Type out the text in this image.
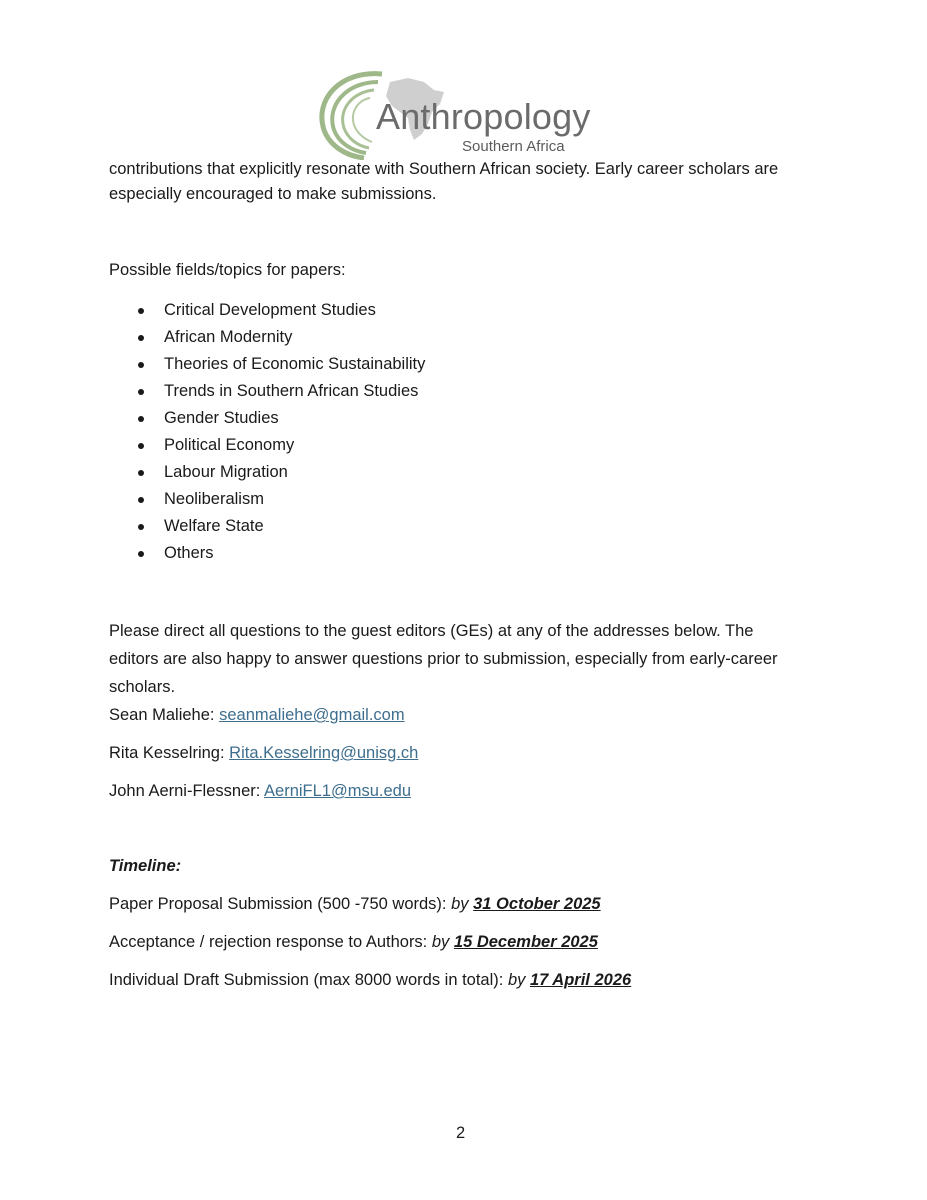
Anthropology
Southern Africa

contributions that explicitly resonate with Southern African society. Early career scholars are especially encouraged to make submissions.

Possible fields/topics for papers:

Critical Development Studies
African Modernity
Theories of Economic Sustainability
Trends in Southern African Studies
Gender Studies
Political Economy
Labour Migration
Neoliberalism
Welfare State
Others

Please direct all questions to the guest editors (GEs) at any of the addresses below. The editors are also happy to answer questions prior to submission, especially from early-career scholars.

Sean Maliehe: seanmaliehe@gmail.com
Rita Kesselring: Rita.Kesselring@unisg.ch
John Aerni-Flessner: AerniFL1@msu.edu
Timeline:
Paper Proposal Submission (500 -750 words): by 31 October 2025
Acceptance / rejection response to Authors: by 15 December 2025
Individual Draft Submission (max 8000 words in total): by 17 April 2026
2
